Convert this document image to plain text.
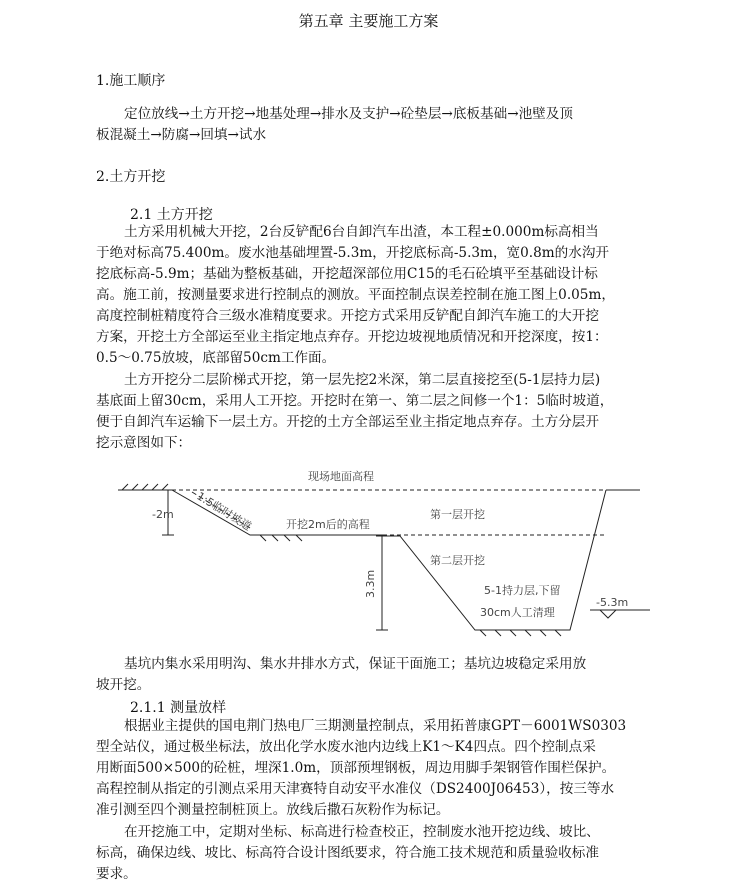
第五章 主要施工方案
1.施工顺序
定位放线→土方开挖→地基处理→排水及支护→砼垫层→底板基础→池壁及顶
板混凝土→防腐→回填→试水
2.土方开挖
2.1 土方开挖
土方采用机械大开挖，2台反铲配6台自卸汽车出渣，本工程±0.000m标高相当
于绝对标高75.400m。废水池基础埋置-5.3m，开挖底标高-5.3m，宽0.8m的水沟开
挖底标高-5.9m；基础为整板基础，开挖超深部位用C15的毛石砼填平至基础设计标
高。施工前，按测量要求进行控制点的测放。平面控制点误差控制在施工图上0.05m，
高度控制桩精度符合三级水准精度要求。开挖方式采用反铲配自卸汽车施工的大开挖
方案，开挖土方全部运至业主指定地点弃存。开挖边坡视地质情况和开挖深度，按1：
0.5～0.75放坡，底部留50cm工作面。
土方开挖分二层阶梯式开挖，第一层先挖2米深，第二层直接挖至(5-1层持力层)
基底面上留30cm，采用人工开挖。开挖时在第一、第二层之间修一个1：5临时坡道，
便于自卸汽车运输下一层土方。开挖的土方全部运至业主指定地点弃存。土方分层开
挖示意图如下：
现场地面高程
1:5临时坡道	开挖2m后的高程
第一层开挖
第二层开挖
-2m
3.3m	5-1持力层,下留
30cm人工清理
-5.3m
基坑内集水采用明沟、集水井排水方式，保证干面施工；基坑边坡稳定采用放
坡开挖。
2.1.1 测量放样
根据业主提供的国电荆门热电厂三期测量控制点，采用拓普康GPT－6001WS0303
型全站仪，通过极坐标法，放出化学水废水池内边线上K1～K4四点。四个控制点采
用断面500×500的砼桩，埋深1.0m，顶部预埋钢板，周边用脚手架钢管作围栏保护。
高程控制从指定的引测点采用天津赛特自动安平水准仪（DS2400J06453），按三等水
准引测至四个测量控制桩顶上。放线后撒石灰粉作为标记。
在开挖施工中，定期对坐标、标高进行检查校正，控制废水池开挖边线、坡比、
标高，确保边线、坡比、标高符合设计图纸要求，符合施工技术规范和质量验收标准
要求。
